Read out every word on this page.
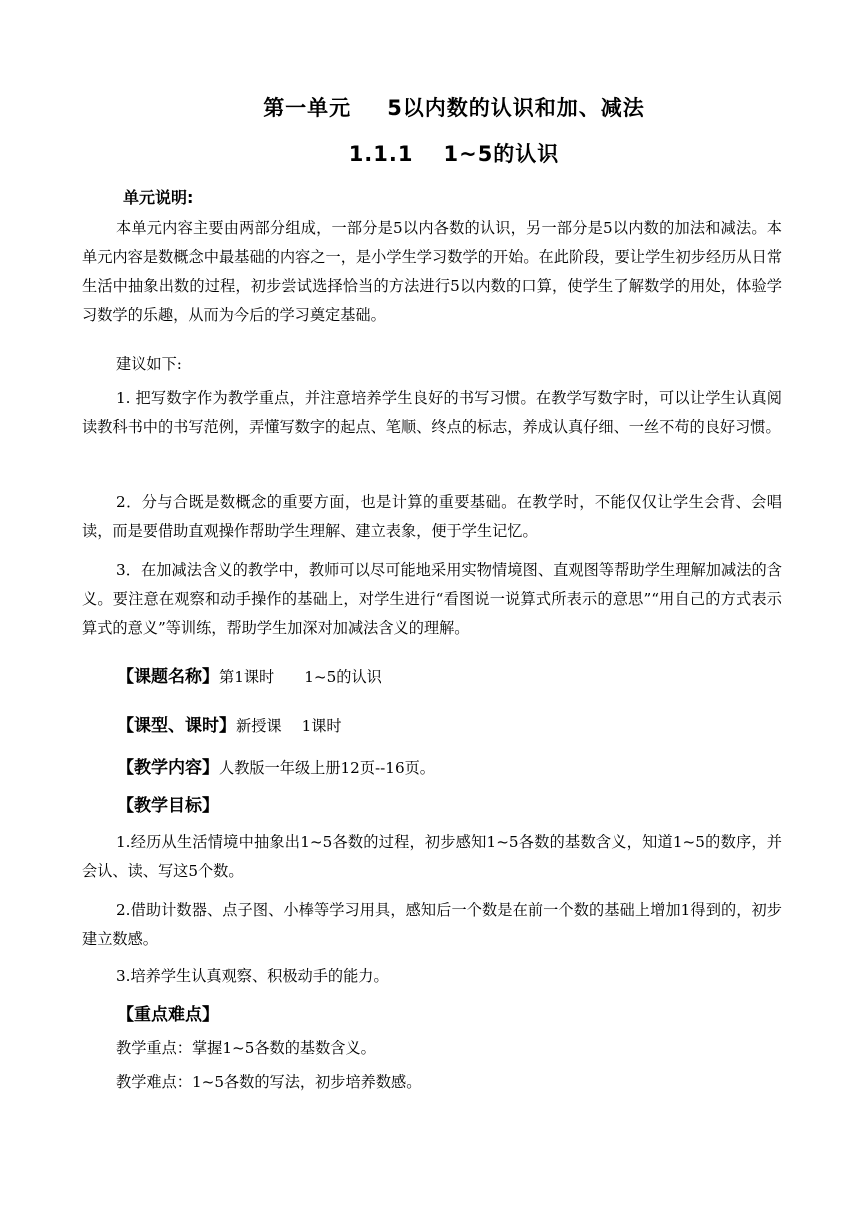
第一单元 5以内数的认识和加、减法
1.1.1 1~5的认识
单元说明:

本单元内容主要由两部分组成，一部分是5以内各数的认识，另一部分是5以内数的加法和减法。本单元内容是数概念中最基础的内容之一，是小学生学习数学的开始。在此阶段，要让学生初步经历从日常生活中抽象出数的过程，初步尝试选择恰当的方法进行5以内数的口算，使学生了解数学的用处，体验学习数学的乐趣，从而为今后的学习奠定基础。

建议如下:

1. 把写数字作为教学重点，并注意培养学生良好的书写习惯。在教学写数字时，可以让学生认真阅读教科书中的书写范例，弄懂写数字的起点、笔顺、终点的标志，养成认真仔细、一丝不苟的良好习惯。

2．分与合既是数概念的重要方面，也是计算的重要基础。在教学时，不能仅仅让学生会背、会唱读，而是要借助直观操作帮助学生理解、建立表象，便于学生记忆。

3．在加减法含义的教学中，教师可以尽可能地采用实物情境图、直观图等帮助学生理解加减法的含义。要注意在观察和动手操作的基础上，对学生进行“看图说一说算式所表示的意思”“用自己的方式表示算式的意义”等训练，帮助学生加深对加减法含义的理解。

【课题名称】第1课时 1~5的认识
【课型、课时】新授课 1课时
【教学内容】人教版一年级上册12页--16页。
【教学目标】

1.经历从生活情境中抽象出1~5各数的过程，初步感知1~5各数的基数含义，知道1~5的数序，并会认、读、写这5个数。

2.借助计数器、点子图、小棒等学习用具，感知后一个数是在前一个数的基础上增加1得到的，初步建立数感。

3.培养学生认真观察、积极动手的能力。

【重点难点】

教学重点：掌握1~5各数的基数含义。

教学难点：1~5各数的写法，初步培养数感。
